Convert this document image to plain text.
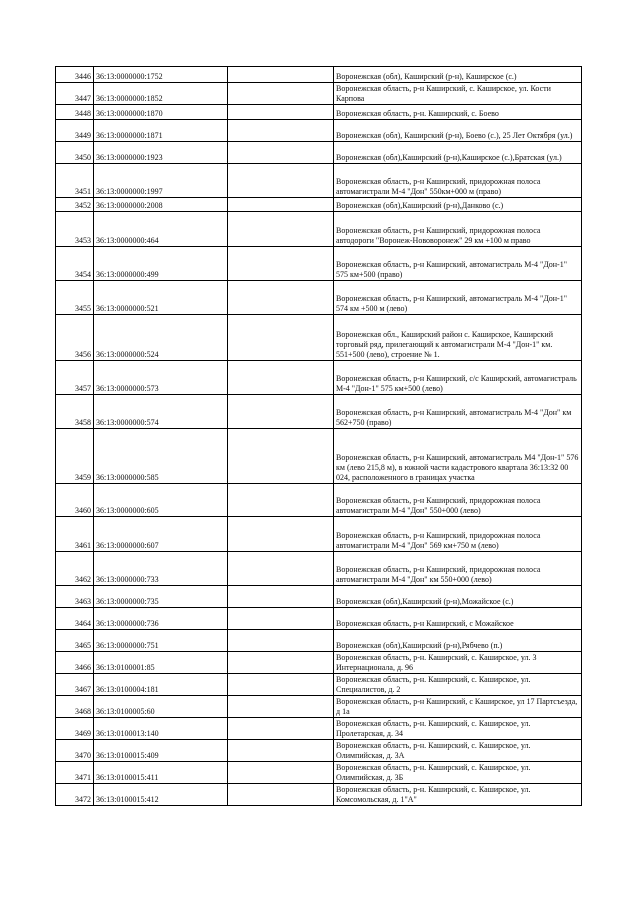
3446	36:13:0000000:1752		Воронежская (обл), Каширский (р-н), Каширское (с.)
3447	36:13:0000000:1852		Воронежская область, р-н Каширский, с. Каширское, ул. Кости Карпова
3448	36:13:0000000:1870		Воронежская область, р-н. Каширский, с. Боево
3449	36:13:0000000:1871		Воронежская (обл), Каширский (р-н), Боево (с.), 25 Лет Октября (ул.)
3450	36:13:0000000:1923		Воронежская (обл),Каширский (р-н),Каширское (с.),Братская (ул.)
3451	36:13:0000000:1997		Воронежская область, р-н Каширский, придорожная полоса автомагистрали М-4 "Дон" 550км+000 м (право)
3452	36:13:0000000:2008		Воронежская (обл),Каширский (р-н),Данково (с.)
3453	36:13:0000000:464		Воронежская область, р-н Каширский, придорожная полоса автодороги "Воронеж-Нововоронеж" 29 км +100 м право
3454	36:13:0000000:499		Воронежская область, р-н Каширский, автомагистраль М-4 "Дон-1" 575 км+500 (право)
3455	36:13:0000000:521		Воронежская область, р-н Каширский, автомагистраль М-4 "Дон-1" 574 км +500 м (лево)
3456	36:13:0000000:524		Воронежская обл., Каширский район с. Каширское, Каширский торговый ряд, прилегающий к автомагистрали М-4 "Дон-1" км. 551+500 (лево), строение № 1.
3457	36:13:0000000:573		Воронежская область, р-н Каширский, с/с Каширский, автомагистраль М-4 "Дон-1" 575 км+500 (лево)
3458	36:13:0000000:574		Воронежская область, р-н Каширский, автомагистраль М-4 "Дон" км 562+750 (право)
3459	36:13:0000000:585		Воронежская область, р-н Каширский, автомагистраль М4 "Дон-1" 576 км (лево 215,8 м), в южной части кадастрового квартала 36:13:32 00 024, расположенного в границах участка
3460	36:13:0000000:605		Воронежская область, р-н Каширский, придорожная полоса автомагистрали М-4 "Дон" 550+000 (лево)
3461	36:13:0000000:607		Воронежская область, р-н Каширский, придорожная полоса автомагистрали М-4 "Дон" 569 км+750 м (лево)
3462	36:13:0000000:733		Воронежская область, р-н Каширский, придорожная полоса автомагистрали М-4 "Дон" км 550+000 (лево)
3463	36:13:0000000:735		Воронежская (обл),Каширский (р-н),Можайское (с.)
3464	36:13:0000000:736		Воронежская область, р-н Каширский, с Можайское
3465	36:13:0000000:751		Воронежская (обл),Каширский (р-н),Рябчево (п.)
3466	36:13:0100001:85		Воронежская область, р-н. Каширский, с. Каширское, ул. 3 Интернационала, д. 96
3467	36:13:0100004:181		Воронежская область, р-н. Каширский, с. Каширское, ул. Специалистов, д. 2
3468	36:13:0100005:60		Воронежская область, р-н Каширский, с Каширское, ул 17 Партсъезда, д 1а
3469	36:13:0100013:140		Воронежская область, р-н. Каширский, с. Каширское, ул. Пролетарская, д. 34
3470	36:13:0100015:409		Воронежская область, р-н. Каширский, с. Каширское, ул. Олимпийская, д. 3А
3471	36:13:0100015:411		Воронежская область, р-н. Каширский, с. Каширское, ул. Олимпийская, д. 3Б
3472	36:13:0100015:412		Воронежская область, р-н. Каширский, с. Каширское, ул. Комсомольская, д. 1"А"
